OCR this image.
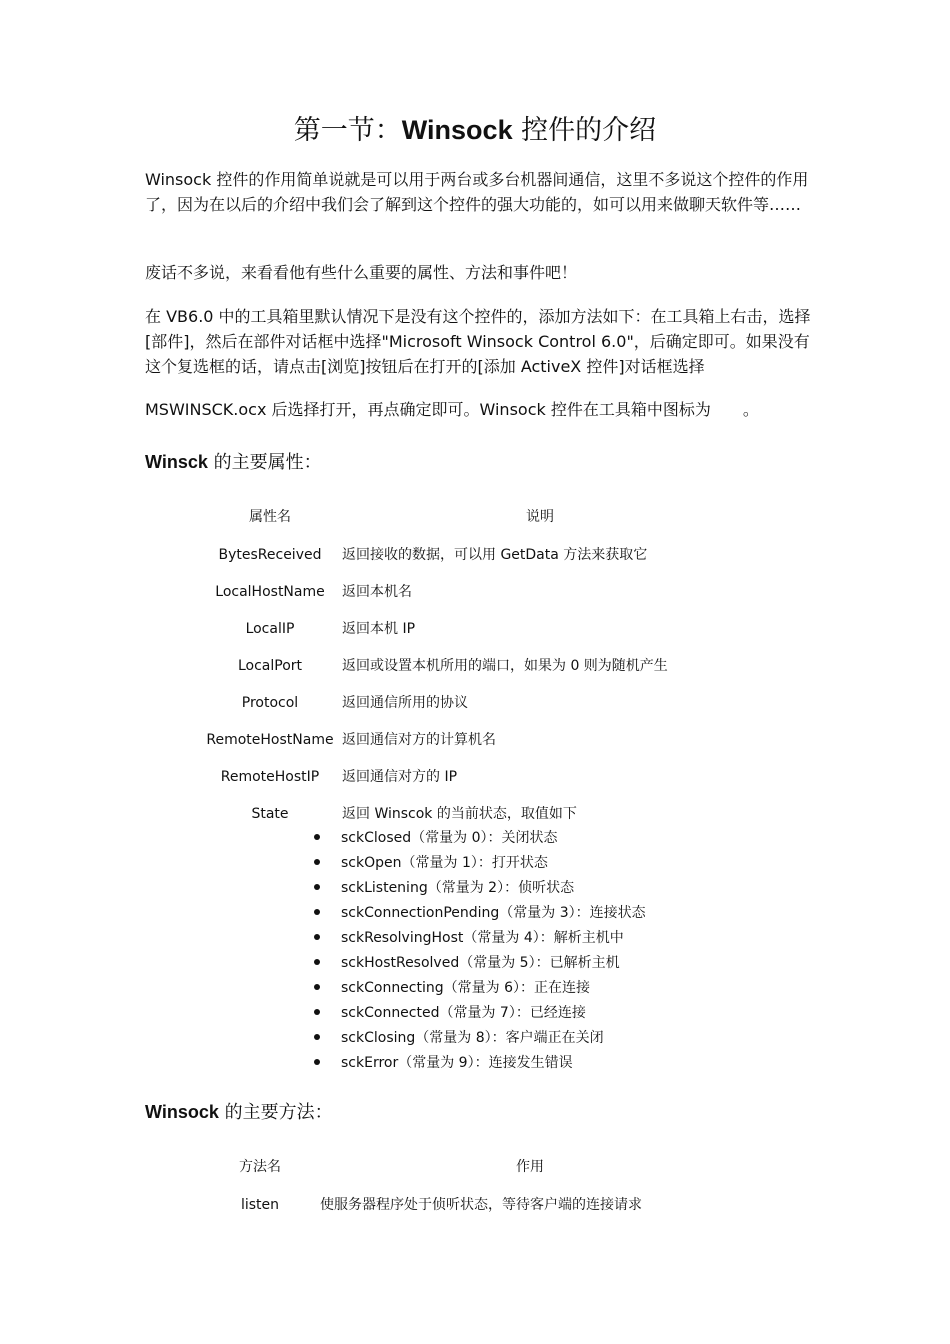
第一节：Winsock 控件的介绍

Winsock 控件的作用简单说就是可以用于两台或多台机器间通信，这里不多说这个控件的作用了，因为在以后的介绍中我们会了解到这个控件的强大功能的，如可以用来做聊天软件等……

废话不多说，来看看他有些什么重要的属性、方法和事件吧！

在 VB6.0 中的工具箱里默认情况下是没有这个控件的，添加方法如下：在工具箱上右击，选择[部件]，然后在部件对话框中选择"Microsoft Winsock Control 6.0"，后确定即可。如果没有这个复选框的话，请点击[浏览]按钮后在打开的[添加 ActiveX 控件]对话框选择

MSWINSCK.ocx 后选择打开，再点确定即可。Winsock 控件在工具箱中图标为　　。

Winsck 的主要属性：
属性名	说明
BytesReceived	返回接收的数据，可以用 GetData 方法来获取它
LocalHostName	返回本机名
LocalIP	返回本机 IP
LocalPort	返回或设置本机所用的端口，如果为 0 则为随机产生
Protocol	返回通信所用的协议
RemoteHostName 返回通信对方的计算机名
RemoteHostIP	返回通信对方的 IP
State	返回 Winscok 的当前状态，取值如下
sckClosed（常量为 0）：关闭状态
sckOpen（常量为 1）：打开状态
sckListening（常量为 2）：侦听状态
sckConnectionPending（常量为 3）：连接状态
sckResolvingHost（常量为 4）：解析主机中
sckHostResolved（常量为 5）：已解析主机
sckConnecting（常量为 6）：正在连接
sckConnected（常量为 7）：已经连接
sckClosing（常量为 8）：客户端正在关闭
sckError（常量为 9）：连接发生错误
Winsock 的主要方法：
方法名	作用
listen	使服务器程序处于侦听状态，等待客户端的连接请求
